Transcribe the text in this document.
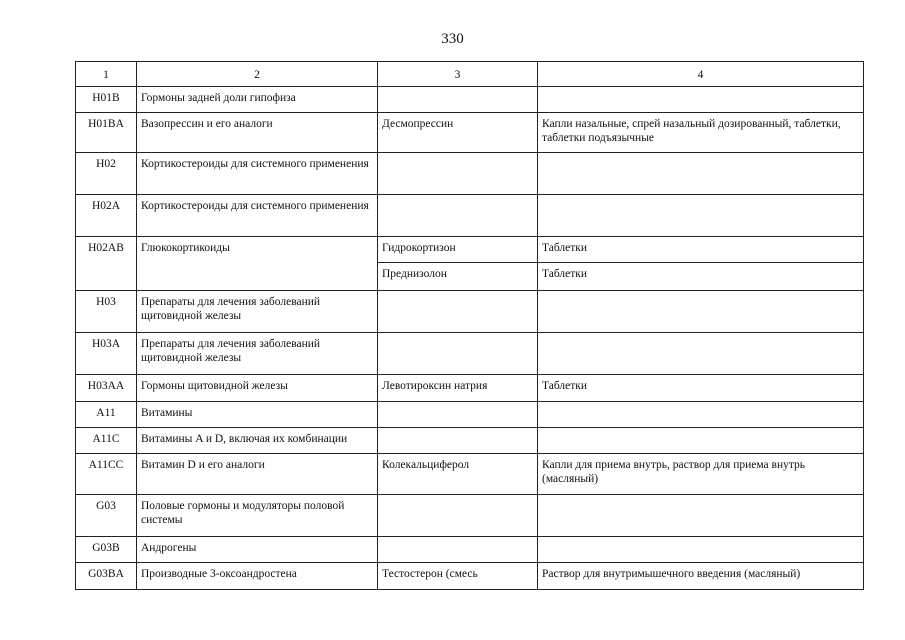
330
1	2	3	4
H01B	Гормоны задней доли гипофиза		
H01BA	Вазопрессин и его аналоги	Десмопрессин	Капли назальные, спрей назальный дозированный, таблетки, таблетки подъязычные
H02	Кортикостероиды для системного применения		
H02A	Кортикостероиды для системного применения		
H02AB	Глюкокортикоиды	Гидрокортизон	Таблетки
		Преднизолон	Таблетки
H03	Препараты для лечения заболеваний щитовидной железы		
H03A	Препараты для лечения заболеваний щитовидной железы		
H03AA	Гормоны щитовидной железы	Левотироксин натрия	Таблетки
A11	Витамины		
A11C	Витамины A и D, включая их комбинации		
A11CC	Витамин D и его аналоги	Колекальциферол	Капли для приема внутрь, раствор для приема внутрь (масляный)
G03	Половые гормоны и модуляторы половой системы		
G03B	Андрогены		
G03BA	Производные 3-оксоандростена	Тестостерон (смесь	Раствор для внутримышечного введения (масляный)
